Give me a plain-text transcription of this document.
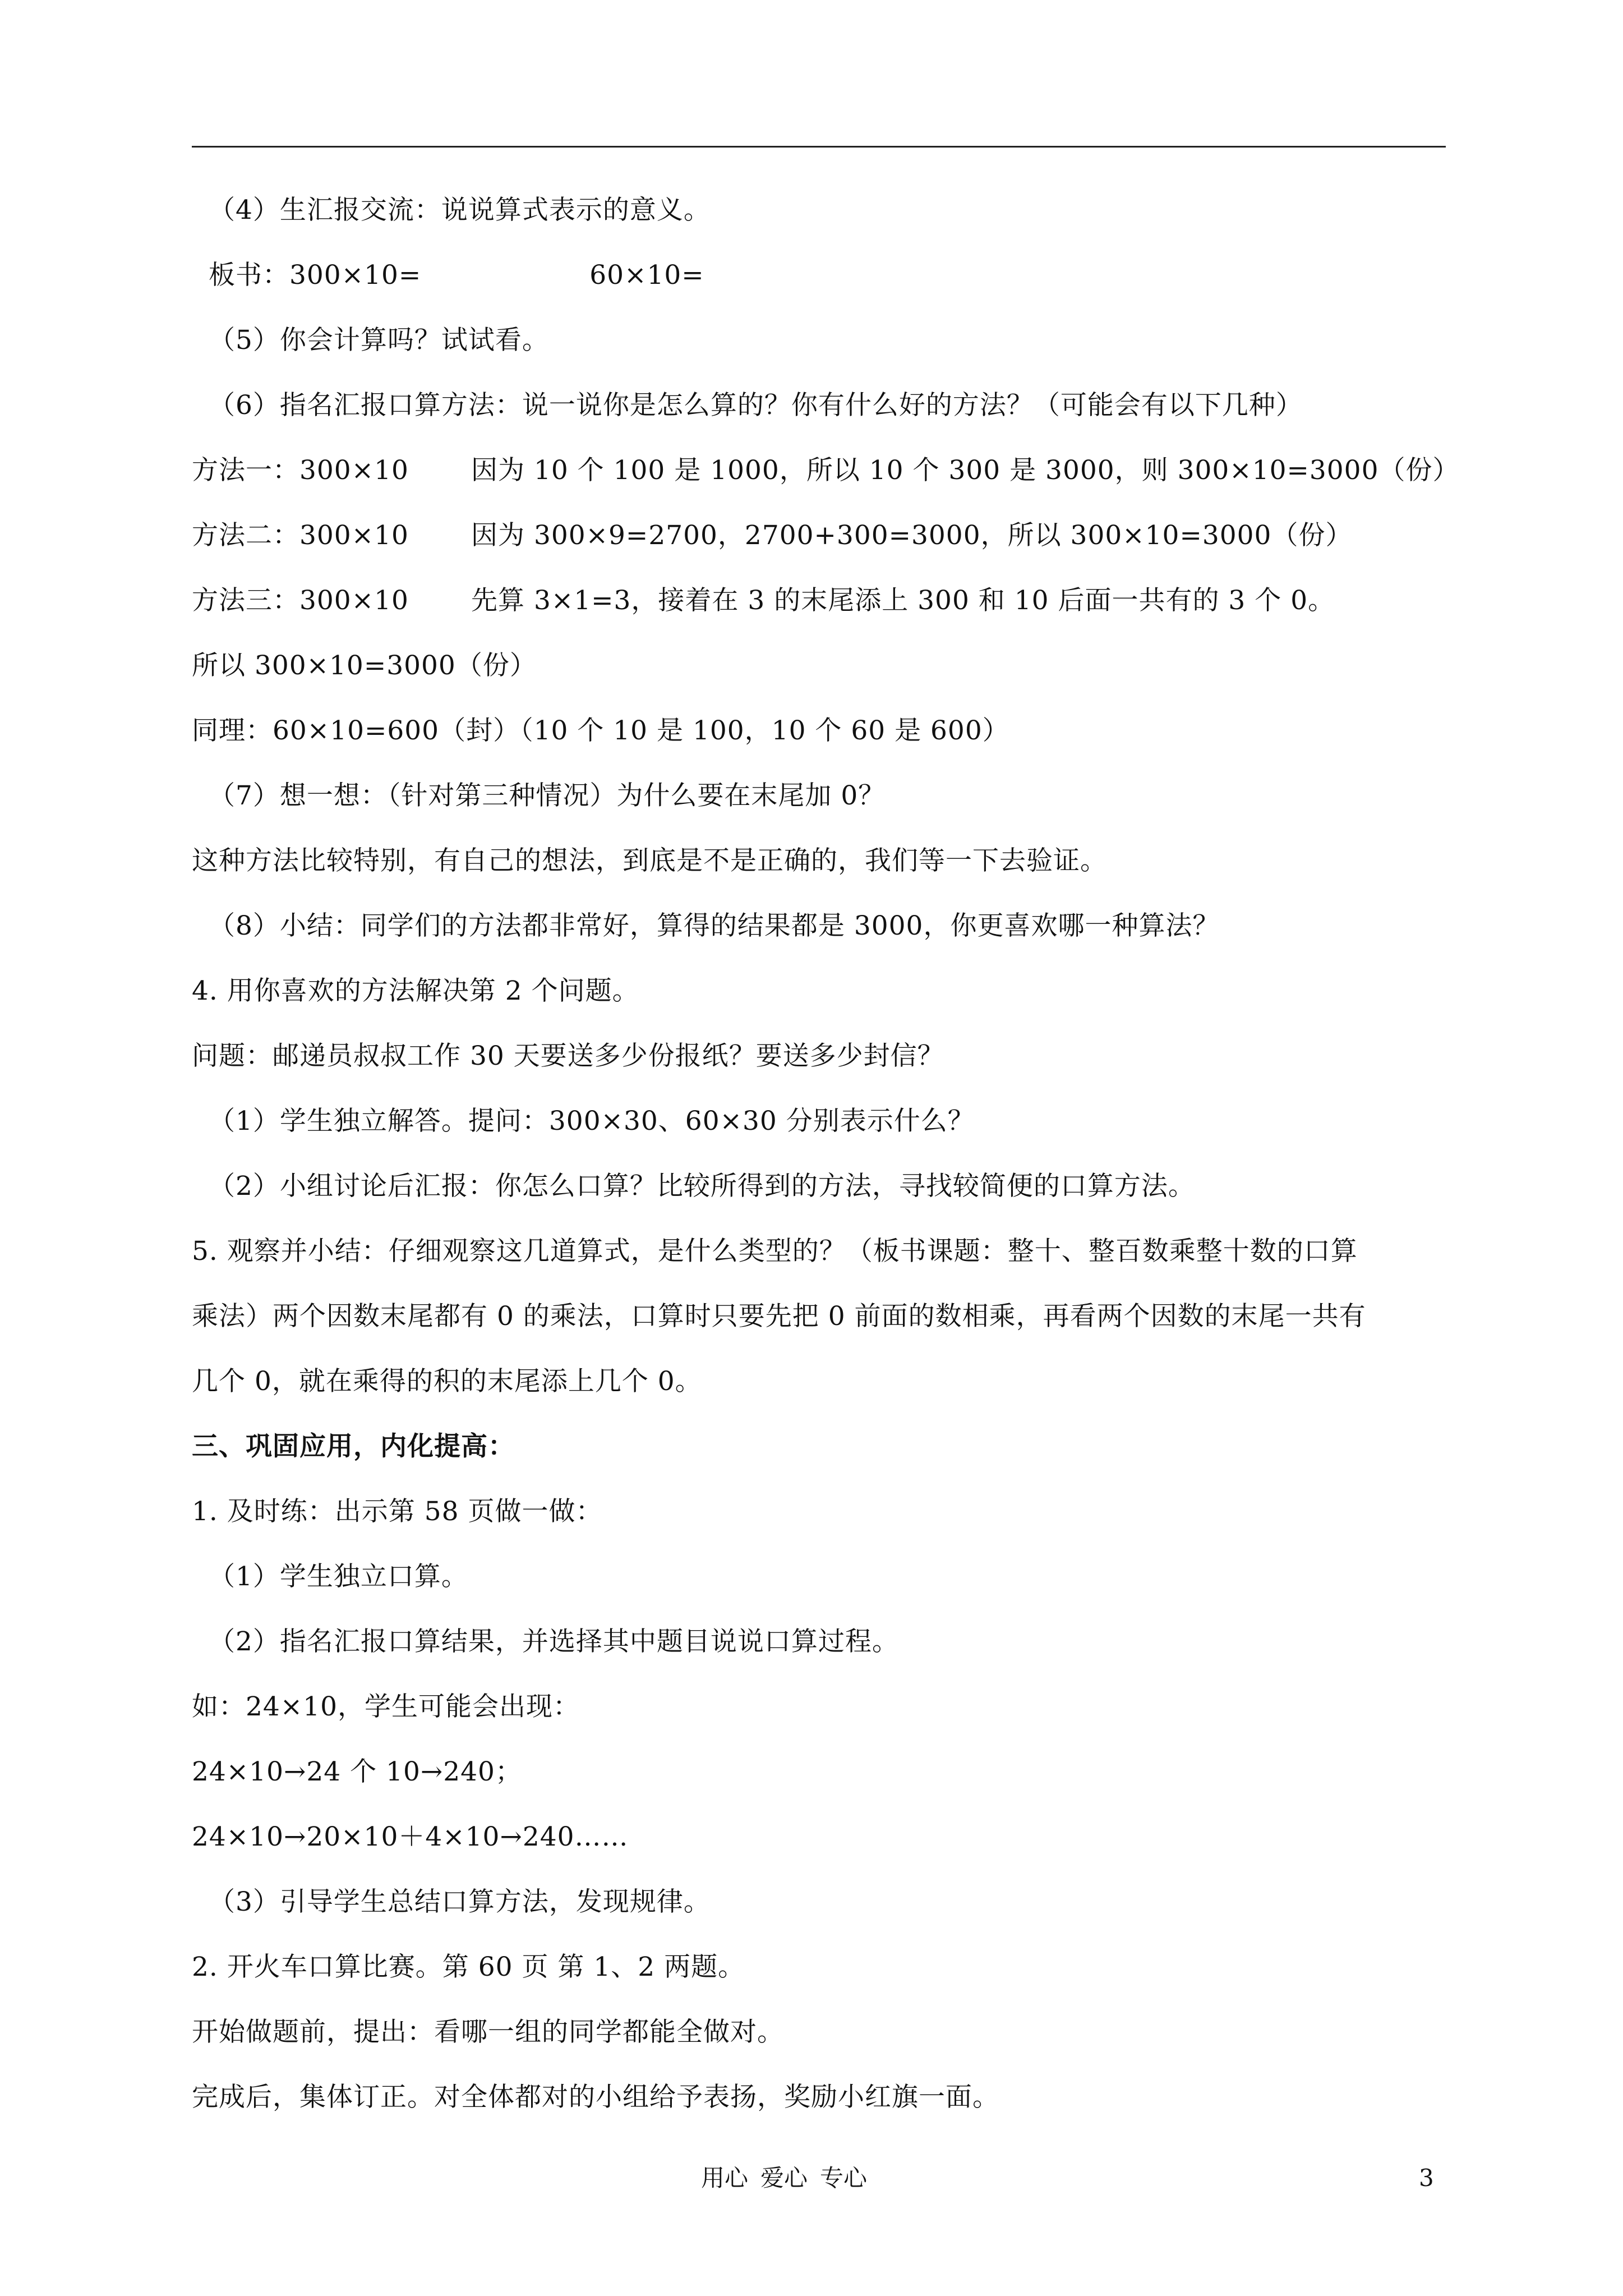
（4）生汇报交流：说说算式表示的意义。
板书：300×10=	60×10=
（5）你会计算吗？试试看。
（6）指名汇报口算方法：说一说你是怎么算的？你有什么好的方法？（可能会有以下几种）
方法一：300×10 因为 10 个 100 是 1000，所以 10 个 300 是 3000，则 300×10=3000（份）
方法二：300×10 因为 300×9=2700，2700+300=3000，所以 300×10=3000（份）
方法三：300×10 先算 3×1=3，接着在 3 的末尾添上 300 和 10 后面一共有的 3 个 0。
所以 300×10=3000（份）
同理：60×10=600（封）（10 个 10 是 100，10 个 60 是 600）
（7）想一想：（针对第三种情况）为什么要在末尾加 0？
这种方法比较特别，有自己的想法，到底是不是正确的，我们等一下去验证。
（8）小结：同学们的方法都非常好，算得的结果都是 3000，你更喜欢哪一种算法？
4. 用你喜欢的方法解决第 2 个问题。
问题：邮递员叔叔工作 30 天要送多少份报纸？要送多少封信？
（1）学生独立解答。提问：300×30、60×30 分别表示什么？
（2）小组讨论后汇报：你怎么口算？比较所得到的方法，寻找较简便的口算方法。
5. 观察并小结：仔细观察这几道算式，是什么类型的？（板书课题：整十、整百数乘整十数的口算
乘法）两个因数末尾都有 0 的乘法，口算时只要先把 0 前面的数相乘，再看两个因数的末尾一共有
几个 0，就在乘得的积的末尾添上几个 0。
三、巩固应用，内化提高：
1. 及时练：出示第 58 页做一做：
（1）学生独立口算。
（2）指名汇报口算结果，并选择其中题目说说口算过程。
如：24×10，学生可能会出现：
24×10→24 个 10→240；
24×10→20×10＋4×10→240……
（3）引导学生总结口算方法，发现规律。
2. 开火车口算比赛。第 60 页 第 1、2 两题。
开始做题前，提出：看哪一组的同学都能全做对。
完成后，集体订正。对全体都对的小组给予表扬，奖励小红旗一面。
用心 爱心 专心	3
